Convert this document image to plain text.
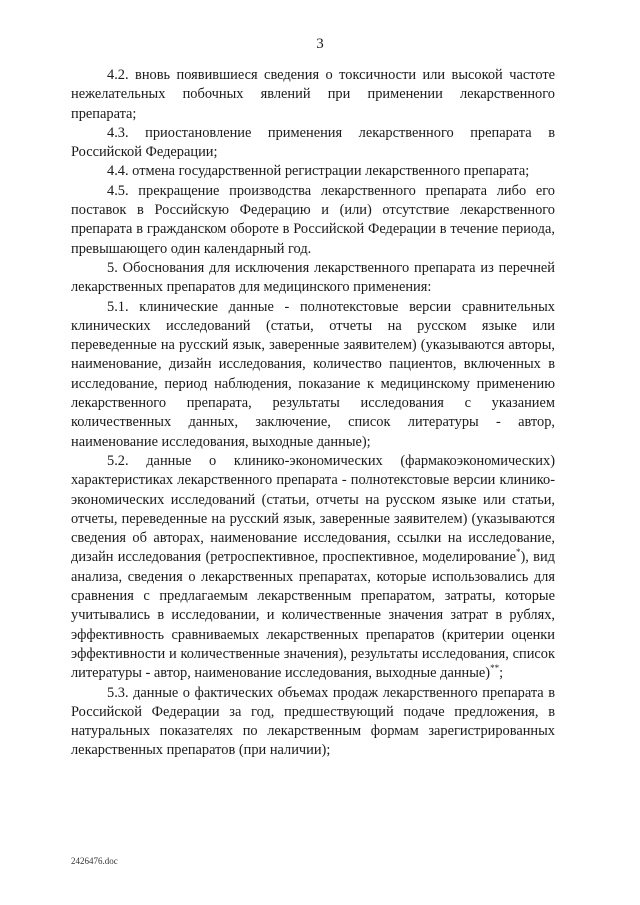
3

4.2. вновь появившиеся сведения о токсичности или высокой частоте нежелательных побочных явлений при применении лекарственного препарата;

4.3. приостановление применения лекарственного препарата в Российской Федерации;

4.4. отмена государственной регистрации лекарственного препарата;

4.5. прекращение производства лекарственного препарата либо его поставок в Российскую Федерацию и (или) отсутствие лекарственного препарата в гражданском обороте в Российской Федерации в течение периода, превышающего один календарный год.

5. Обоснования для исключения лекарственного препарата из перечней лекарственных препаратов для медицинского применения:

5.1. клинические данные - полнотекстовые версии сравнительных клинических исследований (статьи, отчеты на русском языке или переведенные на русский язык, заверенные заявителем) (указываются авторы, наименование, дизайн исследования, количество пациентов, включенных в исследование, период наблюдения, показание к медицинскому применению лекарственного препарата, результаты исследования с указанием количественных данных, заключение, список литературы - автор, наименование исследования, выходные данные);

5.2. данные о клинико-экономических (фармакоэкономических) характеристиках лекарственного препарата - полнотекстовые версии клинико-экономических исследований (статьи, отчеты на русском языке или статьи, отчеты, переведенные на русский язык, заверенные заявителем) (указываются сведения об авторах, наименование исследования, ссылки на исследование, дизайн исследования (ретроспективное, проспективное, моделирование*), вид анализа, сведения о лекарственных препаратах, которые использовались для сравнения с предлагаемым лекарственным препаратом, затраты, которые учитывались в исследовании, и количественные значения затрат в рублях, эффективность сравниваемых лекарственных препаратов (критерии оценки эффективности и количественные значения), результаты исследования, список литературы - автор, наименование исследования, выходные данные)**;

5.3. данные о фактических объемах продаж лекарственного препарата в Российской Федерации за год, предшествующий подаче предложения, в натуральных показателях по лекарственным формам зарегистрированных лекарственных препаратов (при наличии);

2426476.doc
